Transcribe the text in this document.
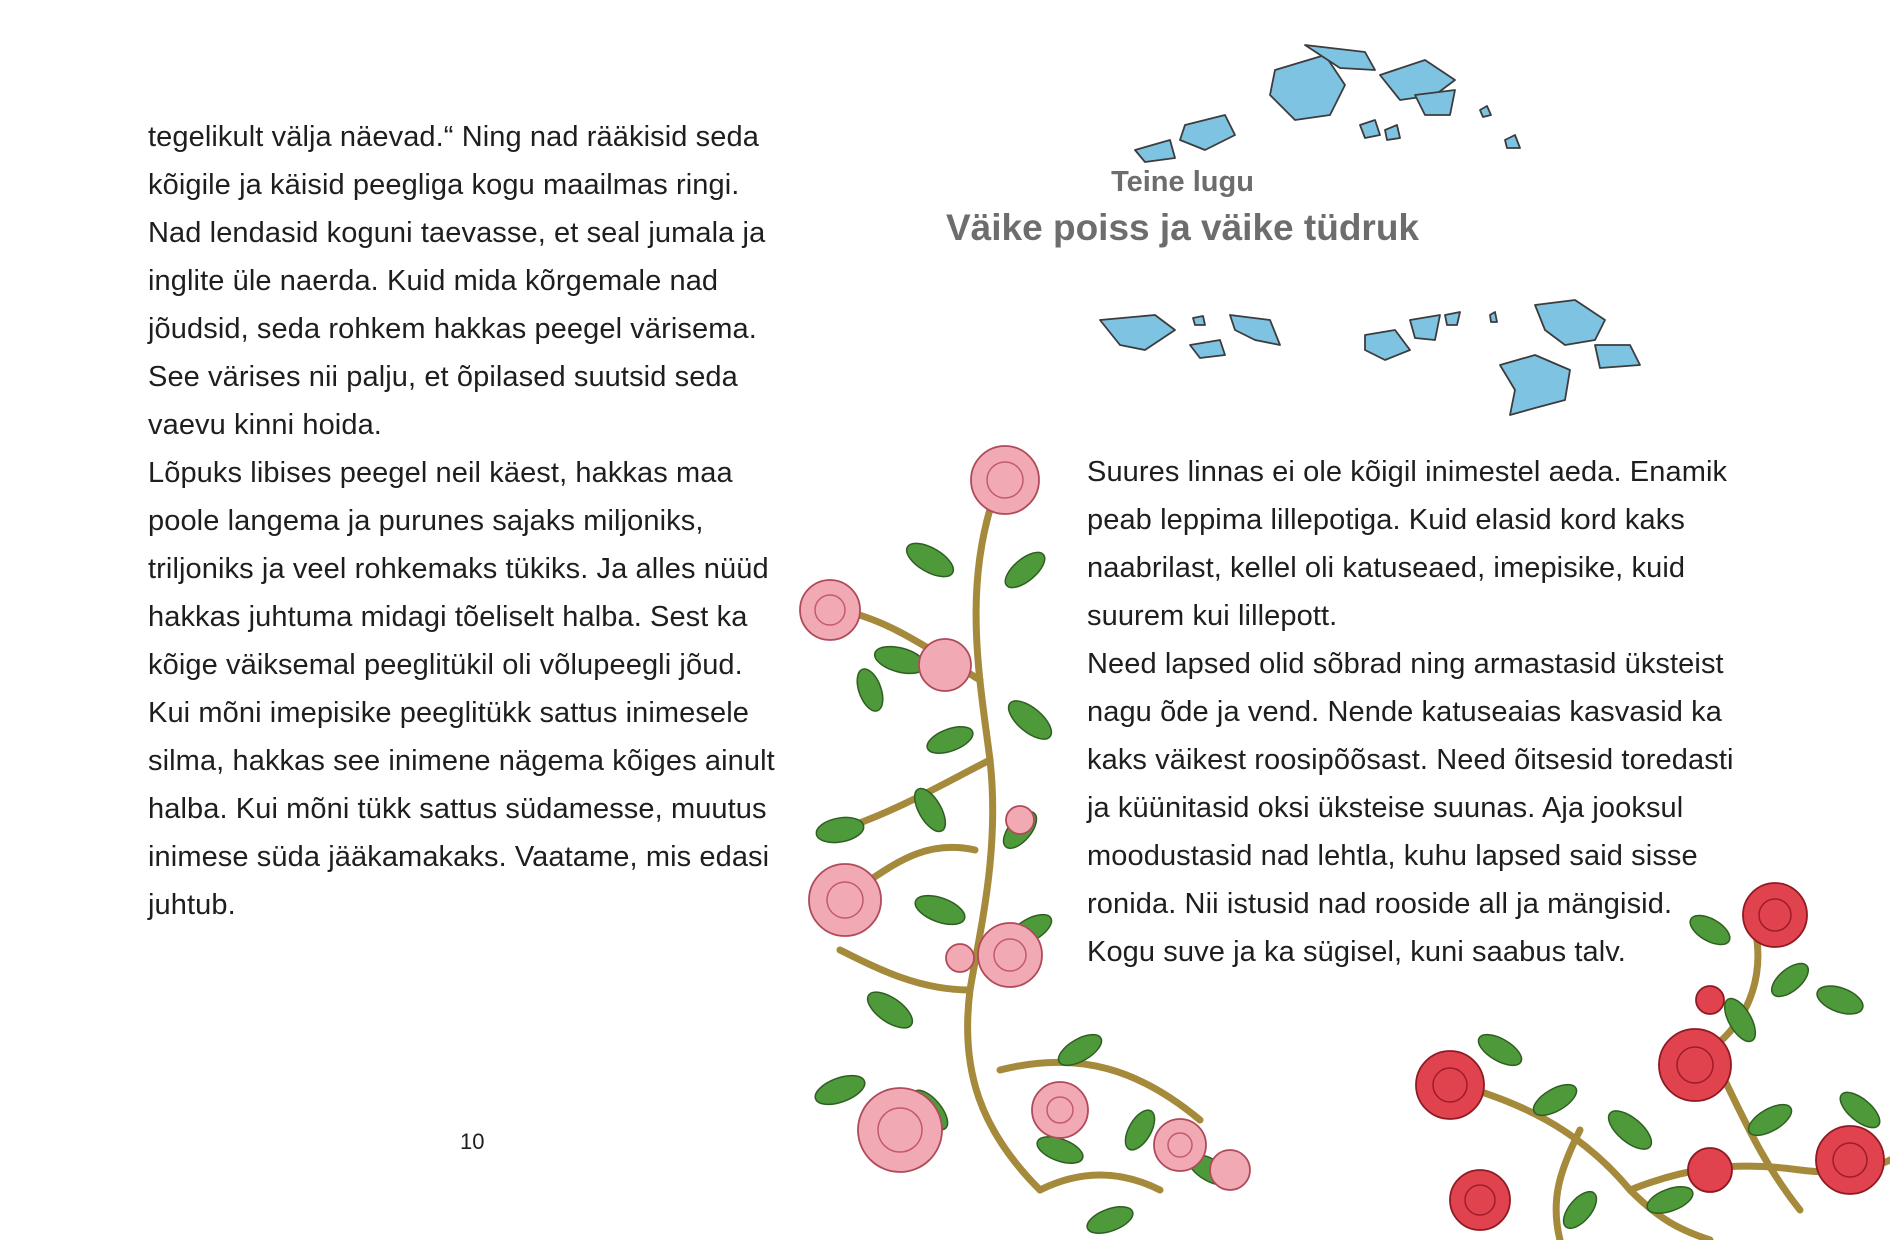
tegelikult välja näevad.“ Ning nad rääkisid seda
kõigile ja käisid peegliga kogu maailmas ringi.
Nad lendasid koguni taevasse, et seal jumala ja
inglite üle naerda. Kuid mida kõrgemale nad
jõudsid, seda rohkem hakkas peegel värisema.
See värises nii palju, et õpilased suutsid seda
vaevu kinni hoida.
Lõpuks libises peegel neil käest, hakkas maa
poole langema ja purunes sajaks miljoniks,
triljoniks ja veel rohkemaks tükiks. Ja alles nüüd
hakkas juhtuma midagi tõeliselt halba. Sest ka
kõige väiksemal peeglitükil oli võlupeegli jõud.
Kui mõni imepisike peeglitükk sattus inimesele
silma, hakkas see inimene nägema kõiges ainult
halba. Kui mõni tükk sattus südamesse, muutus
inimese süda jääkamakaks. Vaatame, mis edasi
juhtub.
10
Teine lugu
Väike poiss ja väike tüdruk
Suures linnas ei ole kõigil inimestel aeda. Enamik
peab leppima lillepotiga. Kuid elasid kord kaks
naabrilast, kellel oli katuseaed, imepisike, kuid
suurem kui lillepott.
Need lapsed olid sõbrad ning armastasid üksteist
nagu õde ja vend. Nende katuseaias kasvasid ka
kaks väikest roosipõõsast. Need õitsesid toredasti
ja küünitasid oksi üksteise suunas. Aja jooksul
moodustasid nad lehtla, kuhu lapsed said sisse
ronida. Nii istusid nad rooside all ja mängisid.
Kogu suve ja ka sügisel, kuni saabus talv.
